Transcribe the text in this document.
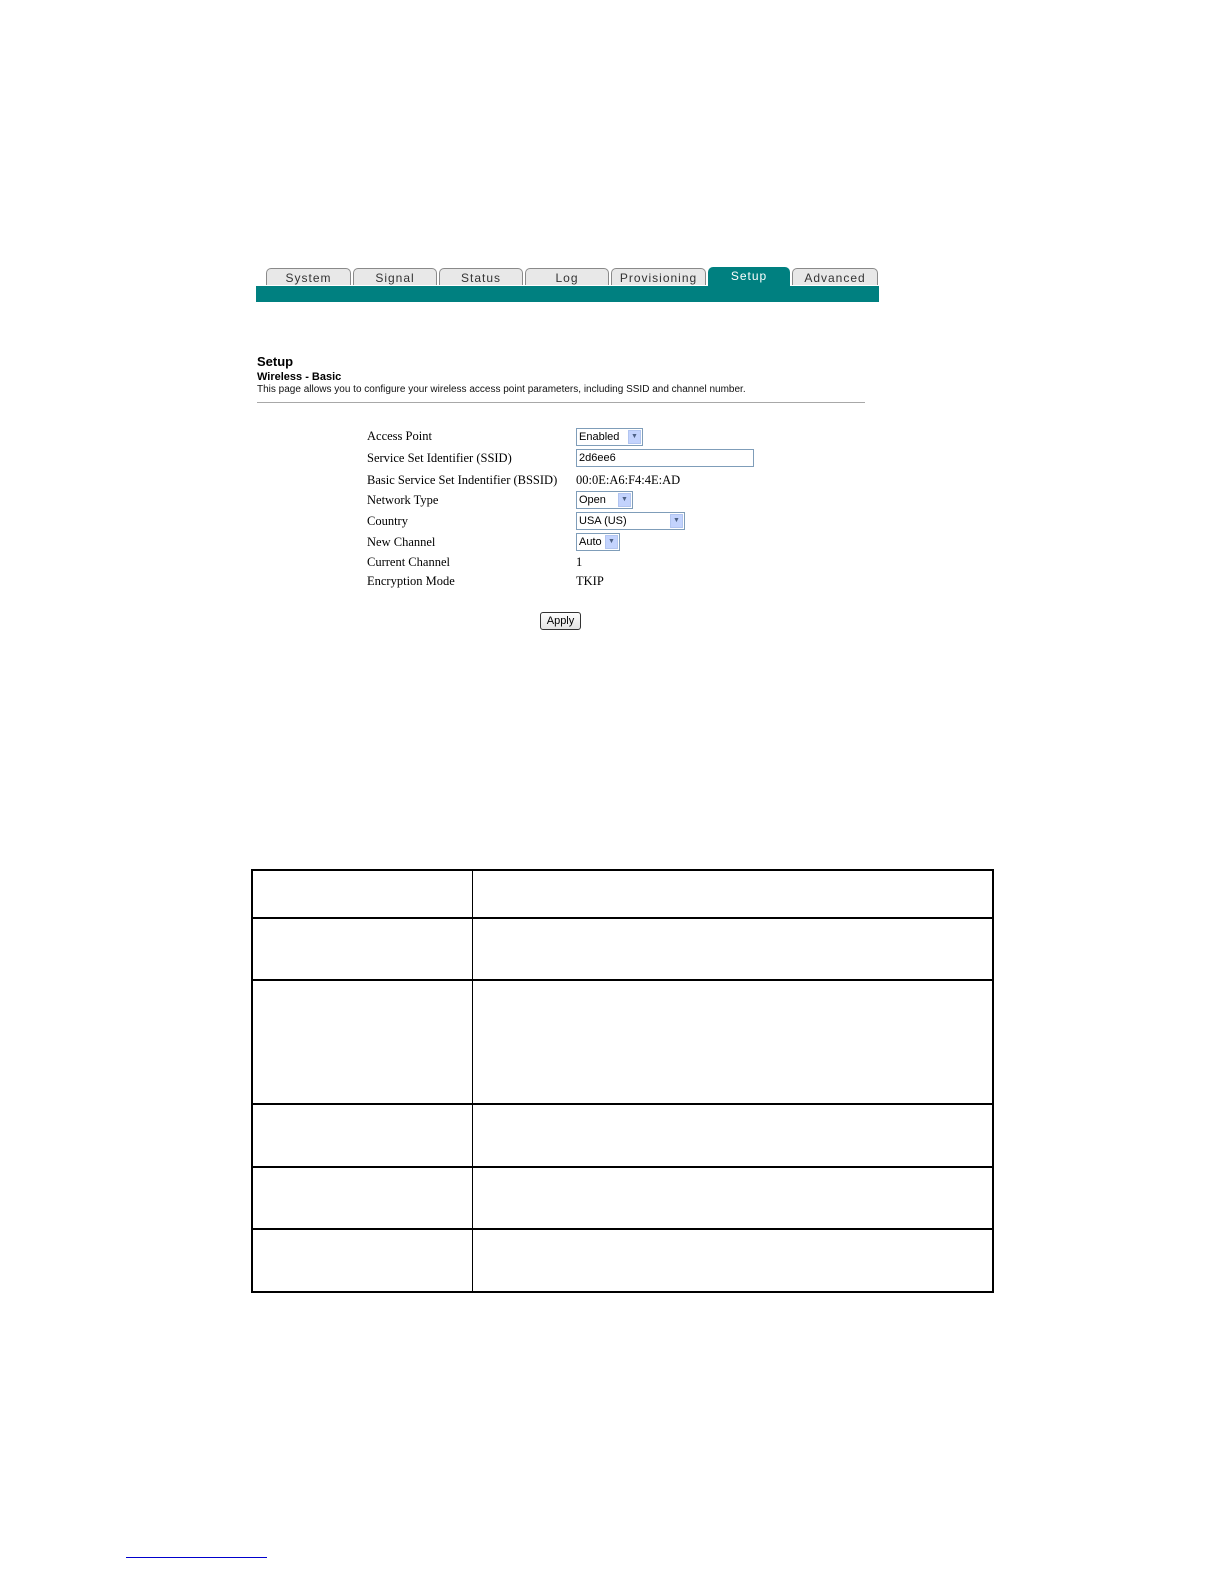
System	Signal	Status	Log	Provisioning	Setup	Advanced
Setup
Wireless - Basic
This page allows you to configure your wireless access point parameters, including SSID and channel number.
Access Point	Enabled	▼
Service Set Identifier (SSID)	2d6ee6
Basic Service Set Indentifier (BSSID) 00:0E:A6:F4:4E:AD
Network Type	Open	▼
Country	USA (US)	▼
New Channel	Auto ▼
Current Channel	1
Encryption Mode	TKIP
Apply
